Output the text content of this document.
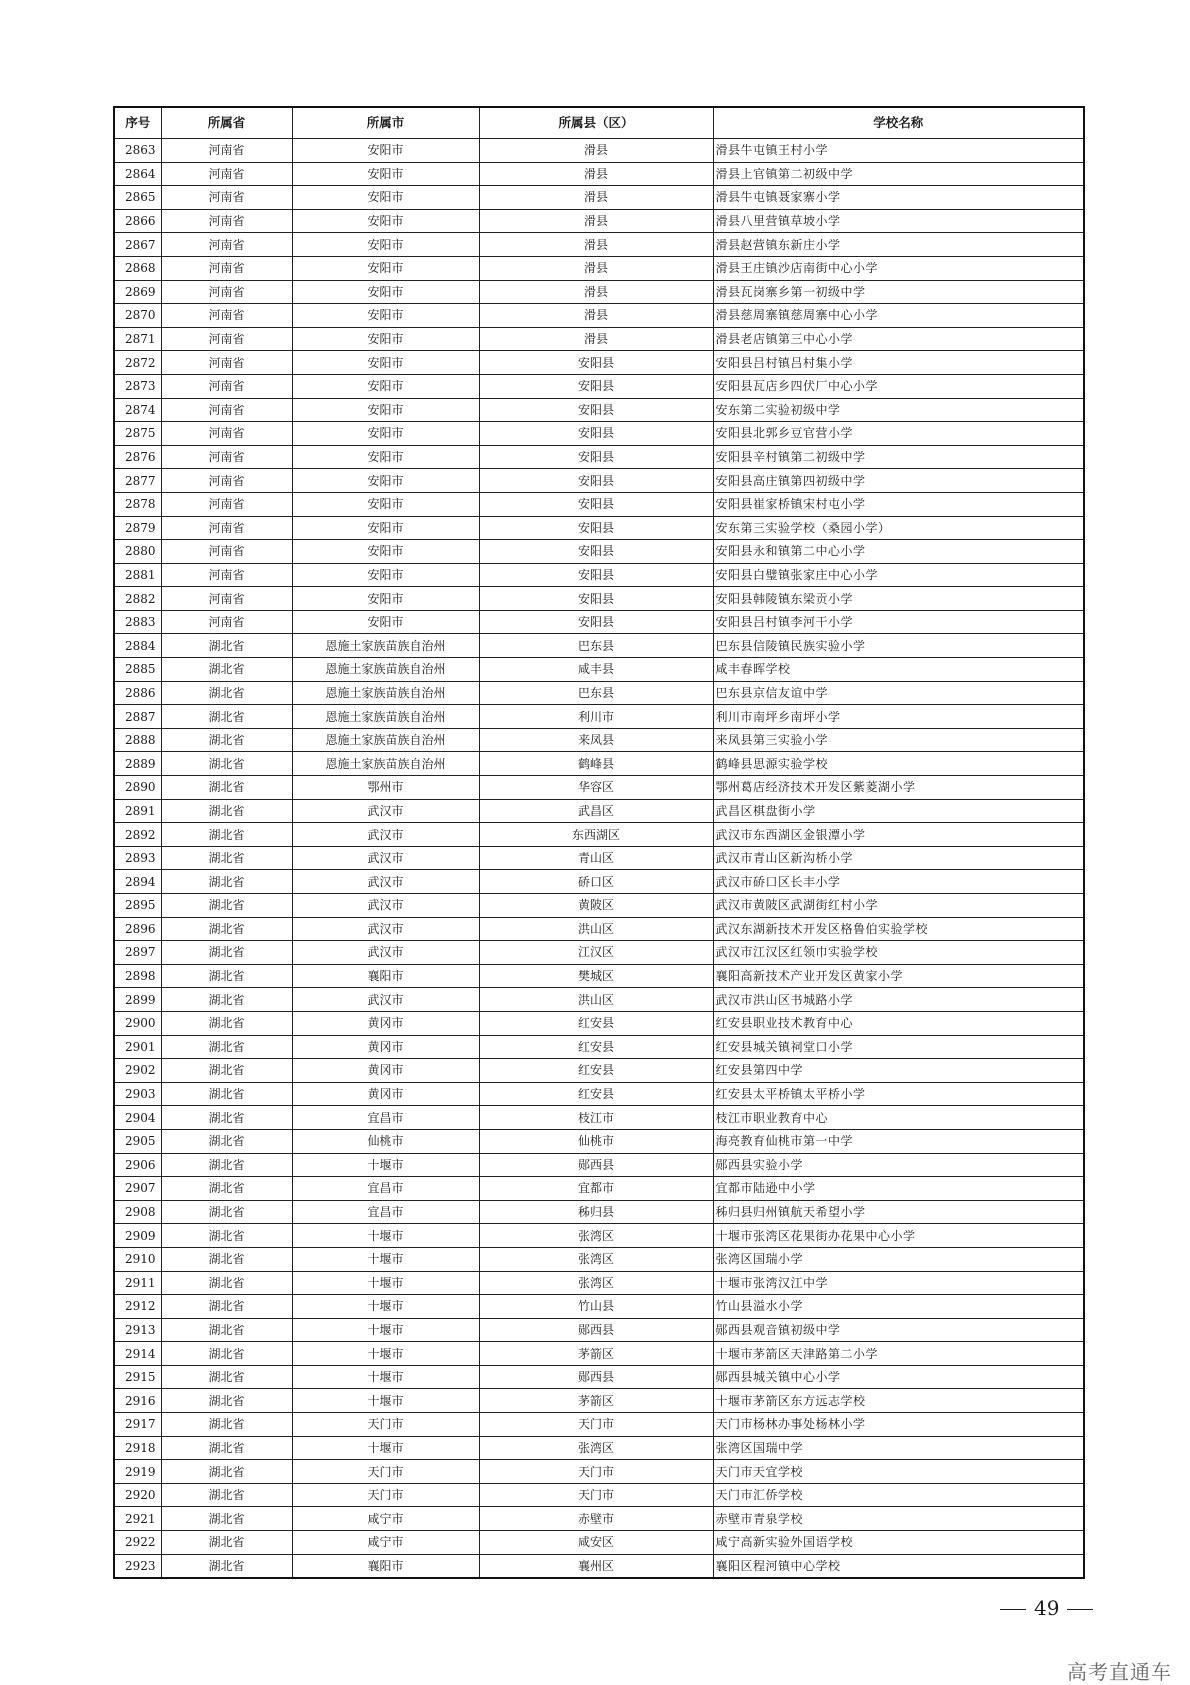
序号	所属省	所属市	所属县（区）	学校名称
2863	河南省	安阳市	滑县	滑县牛屯镇王村小学
2864	河南省	安阳市	滑县	滑县上官镇第二初级中学
2865	河南省	安阳市	滑县	滑县牛屯镇聂家寨小学
2866	河南省	安阳市	滑县	滑县八里营镇草坡小学
2867	河南省	安阳市	滑县	滑县赵营镇东新庄小学
2868	河南省	安阳市	滑县	滑县王庄镇沙店南街中心小学
2869	河南省	安阳市	滑县	滑县瓦岗寨乡第一初级中学
2870	河南省	安阳市	滑县	滑县慈周寨镇慈周寨中心小学
2871	河南省	安阳市	滑县	滑县老店镇第三中心小学
2872	河南省	安阳市	安阳县	安阳县吕村镇吕村集小学
2873	河南省	安阳市	安阳县	安阳县瓦店乡四伏厂中心小学
2874	河南省	安阳市	安阳县	安东第二实验初级中学
2875	河南省	安阳市	安阳县	安阳县北郭乡豆官营小学
2876	河南省	安阳市	安阳县	安阳县辛村镇第二初级中学
2877	河南省	安阳市	安阳县	安阳县高庄镇第四初级中学
2878	河南省	安阳市	安阳县	安阳县崔家桥镇宋村屯小学
2879	河南省	安阳市	安阳县	安东第三实验学校（桑园小学）
2880	河南省	安阳市	安阳县	安阳县永和镇第二中心小学
2881	河南省	安阳市	安阳县	安阳县白璧镇张家庄中心小学
2882	河南省	安阳市	安阳县	安阳县韩陵镇东梁贡小学
2883	河南省	安阳市	安阳县	安阳县吕村镇李河干小学
2884	湖北省	恩施土家族苗族自治州	巴东县	巴东县信陵镇民族实验小学
2885	湖北省	恩施土家族苗族自治州	咸丰县	咸丰春晖学校
2886	湖北省	恩施土家族苗族自治州	巴东县	巴东县京信友谊中学
2887	湖北省	恩施土家族苗族自治州	利川市	利川市南坪乡南坪小学
2888	湖北省	恩施土家族苗族自治州	来凤县	来凤县第三实验小学
2889	湖北省	恩施土家族苗族自治州	鹤峰县	鹤峰县思源实验学校
2890	湖北省	鄂州市	华容区	鄂州葛店经济技术开发区紫菱湖小学
2891	湖北省	武汉市	武昌区	武昌区棋盘街小学
2892	湖北省	武汉市	东西湖区	武汉市东西湖区金银潭小学
2893	湖北省	武汉市	青山区	武汉市青山区新沟桥小学
2894	湖北省	武汉市	硚口区	武汉市硚口区长丰小学
2895	湖北省	武汉市	黄陂区	武汉市黄陂区武湖街红村小学
2896	湖北省	武汉市	洪山区	武汉东湖新技术开发区格鲁伯实验学校
2897	湖北省	武汉市	江汉区	武汉市江汉区红领巾实验学校
2898	湖北省	襄阳市	樊城区	襄阳高新技术产业开发区黄家小学
2899	湖北省	武汉市	洪山区	武汉市洪山区书城路小学
2900	湖北省	黄冈市	红安县	红安县职业技术教育中心
2901	湖北省	黄冈市	红安县	红安县城关镇祠堂口小学
2902	湖北省	黄冈市	红安县	红安县第四中学
2903	湖北省	黄冈市	红安县	红安县太平桥镇太平桥小学
2904	湖北省	宜昌市	枝江市	枝江市职业教育中心
2905	湖北省	仙桃市	仙桃市	海亮教育仙桃市第一中学
2906	湖北省	十堰市	郧西县	郧西县实验小学
2907	湖北省	宜昌市	宜都市	宜都市陆逊中小学
2908	湖北省	宜昌市	秭归县	秭归县归州镇航天希望小学
2909	湖北省	十堰市	张湾区	十堰市张湾区花果街办花果中心小学
2910	湖北省	十堰市	张湾区	张湾区国瑞小学
2911	湖北省	十堰市	张湾区	十堰市张湾汉江中学
2912	湖北省	十堰市	竹山县	竹山县溢水小学
2913	湖北省	十堰市	郧西县	郧西县观音镇初级中学
2914	湖北省	十堰市	茅箭区	十堰市茅箭区天津路第二小学
2915	湖北省	十堰市	郧西县	郧西县城关镇中心小学
2916	湖北省	十堰市	茅箭区	十堰市茅箭区东方远志学校
2917	湖北省	天门市	天门市	天门市杨林办事处杨林小学
2918	湖北省	十堰市	张湾区	张湾区国瑞中学
2919	湖北省	天门市	天门市	天门市天宜学校
2920	湖北省	天门市	天门市	天门市汇侨学校
2921	湖北省	咸宁市	赤壁市	赤壁市青泉学校
2922	湖北省	咸宁市	咸安区	咸宁高新实验外国语学校
2923	湖北省	襄阳市	襄州区	襄阳区程河镇中心学校
49
高考直通车
